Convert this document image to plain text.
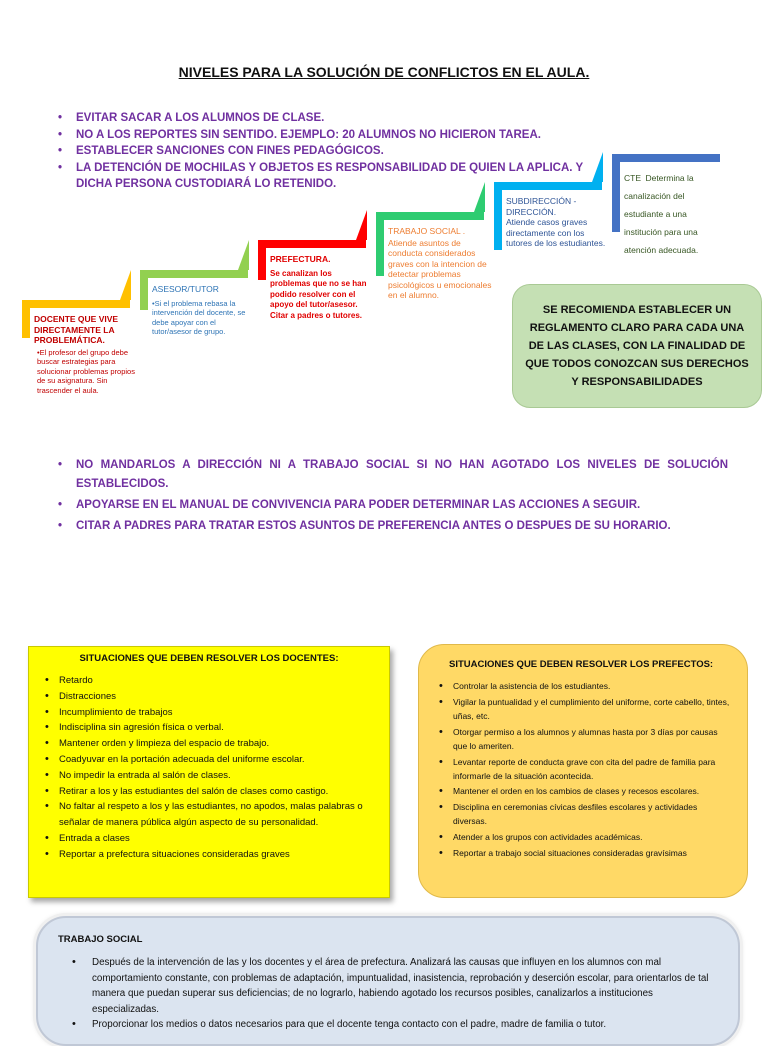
NIVELES PARA LA SOLUCIÓN DE CONFLICTOS EN EL AULA.
• EVITAR SACAR A LOS ALUMNOS DE CLASE.
• NO A LOS REPORTES SIN SENTIDO. EJEMPLO: 20 ALUMNOS NO HICIERON TAREA.
• ESTABLECER SANCIONES CON FINES PEDAGÓGICOS.
• LA DETENCIÓN DE MOCHILAS Y OBJETOS ES RESPONSABILIDAD DE QUIEN LA APLICA. Y DICHA PERSONA CUSTODIARÁ LO RETENIDO.
DOCENTE QUE VIVE DIRECTAMENTE LA PROBLEMÁTICA.
•El profesor del grupo debe buscar estrategias para solucionar problemas propios de su asignatura. Sin trascender el aula.
ASESOR/TUTOR
•Si el problema rebasa la intervención del docente, se debe apoyar con el tutor/asesor de grupo.
PREFECTURA.
Se canalizan los problemas que no se han podido resolver con el apoyo del tutor/asesor. Citar a padres o tutores.
TRABAJO SOCIAL .
Atiende asuntos de conducta considerados graves con la intencion de detectar problemas psicológicos u emocionales en el alumno.
SUBDIRECCIÓN - DIRECCIÓN.
Atiende casos graves directamente con los tutores de los estudiantes.
CTE Determina la canalización del estudiante a una institución para una atención adecuada.
SE RECOMIENDA ESTABLECER UN REGLAMENTO CLARO PARA CADA UNA DE LAS CLASES, CON LA FINALIDAD DE QUE TODOS CONOZCAN SUS DERECHOS Y RESPONSABILIDADES
• NO MANDARLOS A DIRECCIÓN NI A TRABAJO SOCIAL SI NO HAN AGOTADO LOS NIVELES DE SOLUCIÓN ESTABLECIDOS.
• APOYARSE EN EL MANUAL DE CONVIVENCIA PARA PODER DETERMINAR LAS ACCIONES A SEGUIR.
• CITAR A PADRES PARA TRATAR ESTOS ASUNTOS DE PREFERENCIA ANTES O DESPUES DE SU HORARIO.
SITUACIONES QUE DEBEN RESOLVER LOS DOCENTES:
• Retardo
• Distracciones
• Incumplimiento de trabajos
• Indisciplina sin agresión física o verbal.
• Mantener orden y limpieza del espacio de trabajo.
• Coadyuvar en la portación adecuada del uniforme escolar.
• No impedir la entrada al salón de clases.
• Retirar a los y las estudiantes del salón de clases como castigo.
• No faltar al respeto a los y las estudiantes, no apodos, malas palabras o señalar de manera pública algún aspecto de su personalidad.
• Entrada a clases
• Reportar a prefectura situaciones consideradas graves
SITUACIONES QUE DEBEN RESOLVER LOS PREFECTOS:
• Controlar la asistencia de los estudiantes.
• Vigilar la puntualidad y el cumplimiento del uniforme, corte cabello, tintes, uñas, etc.
• Otorgar permiso a los alumnos y alumnas hasta por 3 días por causas que lo ameriten.
• Levantar reporte de conducta grave con cita del padre de familia para informarle de la situación acontecida.
• Mantener el orden en los cambios de clases y recesos escolares.
• Disciplina en ceremonias cívicas desfiles escolares y actividades diversas.
• Atender a los grupos con actividades académicas.
• Reportar a trabajo social situaciones consideradas gravísimas
TRABAJO SOCIAL
• Después de la intervención de las y los docentes y el área de prefectura. Analizará las causas que influyen en los alumnos con mal comportamiento constante, con problemas de adaptación, impuntualidad, inasistencia, reprobación y deserción escolar, para orientarlos de tal manera que puedan superar sus deficiencias; de no lograrlo, habiendo agotado los recursos posibles, canalizarlos a instituciones especializadas.
• Proporcionar los medios o datos necesarios para que el docente tenga contacto con el padre, madre de familia o tutor.
